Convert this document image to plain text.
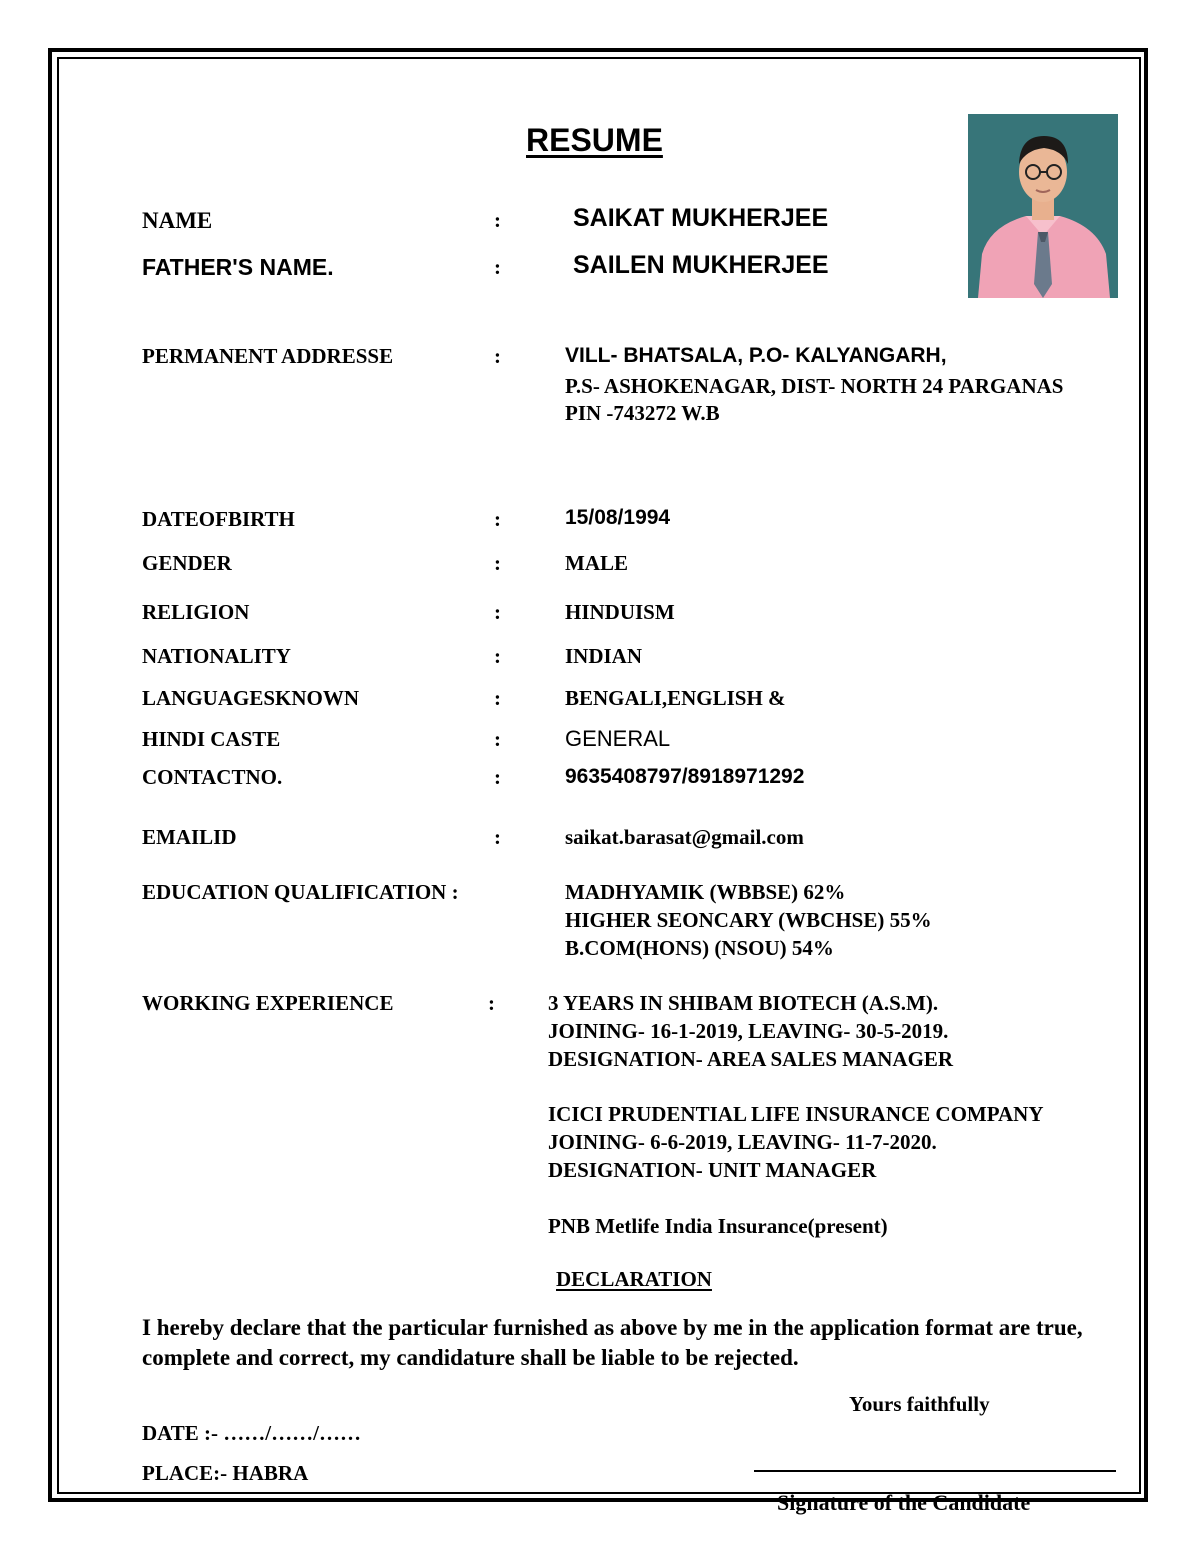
RESUME
NAME	:	SAIKAT MUKHERJEE
FATHER'S NAME.	:	SAILEN MUKHERJEE
PERMANENT ADDRESSE	:	VILL- BHATSALA, P.O- KALYANGARH,
P.S- ASHOKENAGAR, DIST- NORTH 24 PARGANAS
PIN -743272 W.B
DATEOFBIRTH	:	15/08/1994
GENDER	:	MALE
RELIGION	:	HINDUISM
NATIONALITY	:	INDIAN
LANGUAGESKNOWN	:	BENGALI,ENGLISH &
HINDI CASTE	:	GENERAL
CONTACTNO.	:	9635408797/8918971292
EMAILID	:	saikat.barasat@gmail.com
EDUCATION QUALIFICATION :	MADHYAMIK (WBBSE) 62%
HIGHER SEONCARY (WBCHSE) 55%
B.COM(HONS) (NSOU) 54%
WORKING EXPERIENCE	:	3 YEARS IN SHIBAM BIOTECH (A.S.M).
JOINING- 16-1-2019, LEAVING- 30-5-2019.
DESIGNATION- AREA SALES MANAGER
ICICI PRUDENTIAL LIFE INSURANCE COMPANY
JOINING- 6-6-2019, LEAVING- 11-7-2020.
DESIGNATION- UNIT MANAGER
PNB Metlife India Insurance(present)
DECLARATION
I hereby declare that the particular furnished as above by me in the application format are true, complete and correct, my candidature shall be liable to be rejected.
Yours faithfully
DATE :- ……/……/……
PLACE:- HABRA
Signature of the Candidate
